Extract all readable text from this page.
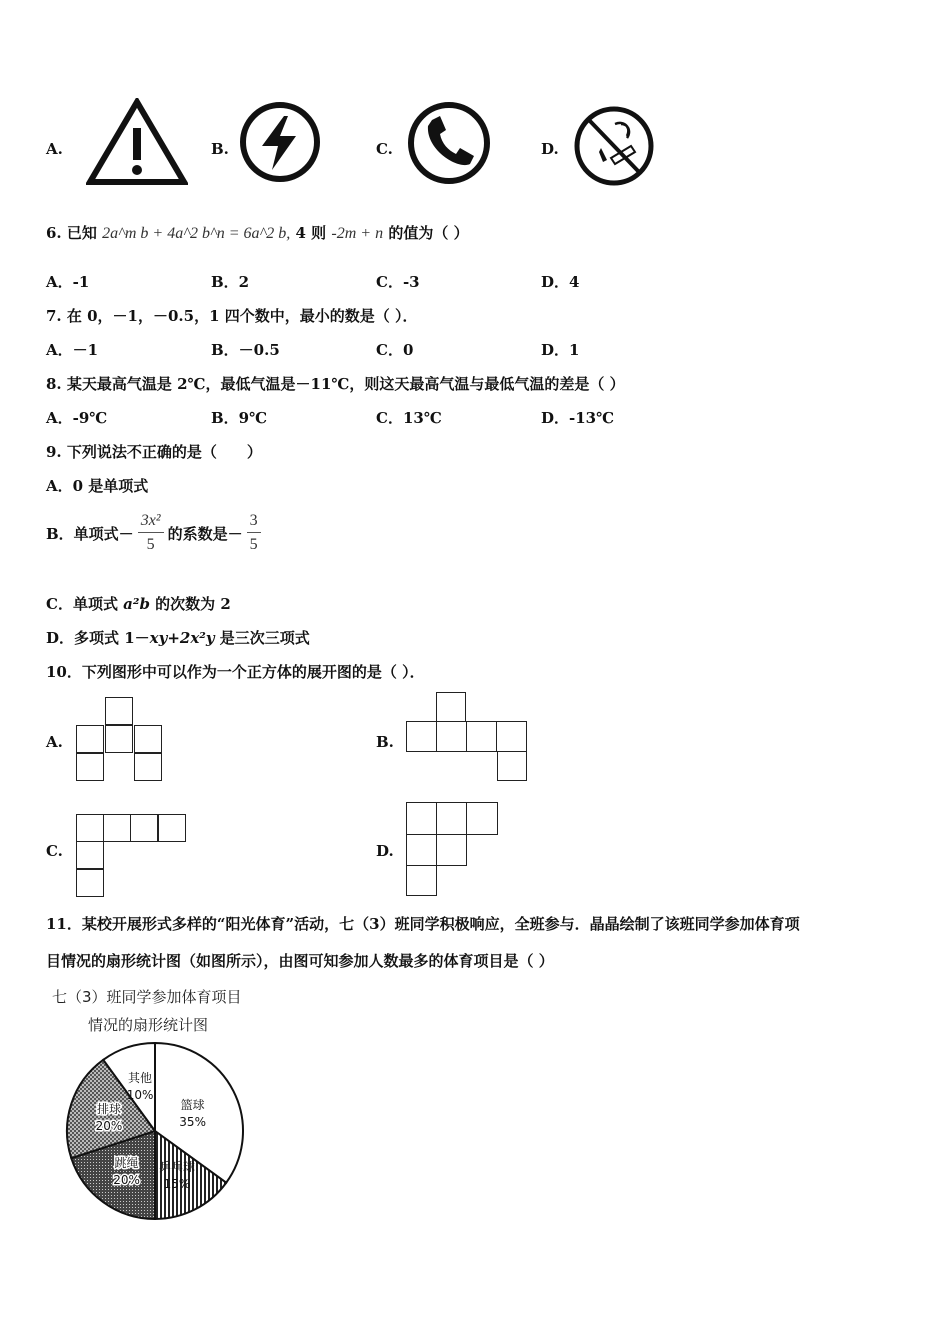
A.	B.	C.	D.
6. 已知 2a^m b + 4a^2 b^n = 6a^2 b, 4 则 -2m + n 的值为（ ）
A．-1	B．2	C．-3	D．4
7. 在 0，－1，－0.5，1 四个数中，最小的数是（ ）．
A．－1	B．－0.5	C．0	D．1
8. 某天最高气温是 2℃，最低气温是－11℃，则这天最高气温与最低气温的差是（ ）
A．-9℃	B．9℃	C．13℃	D．-13℃
9. 下列说法不正确的是（　　）
A．0 是单项式
B．单项式－ $\frac{\text{3x²}}{5}$ 的系数是－ $\frac{3}{5}$
C．单项式 a²b 的次数为 2
D．多项式 1－xy+2x²y 是三次三项式
10．下列图形中可以作为一个正方体的展开图的是（ ）．
A.	B.
C.	D.
11．某校开展形式多样的“阳光体育”活动，七（3）班同学积极响应，全班参与．晶晶绘制了该班同学参加体育项
目情况的扇形统计图（如图所示），由图可知参加人数最多的体育项目是（ ）
七（3）班同学参加体育项目
情况的扇形统计图
篮球
35%
乒乓球
15%
跳绳
20%
排球
20%
其他
10%
